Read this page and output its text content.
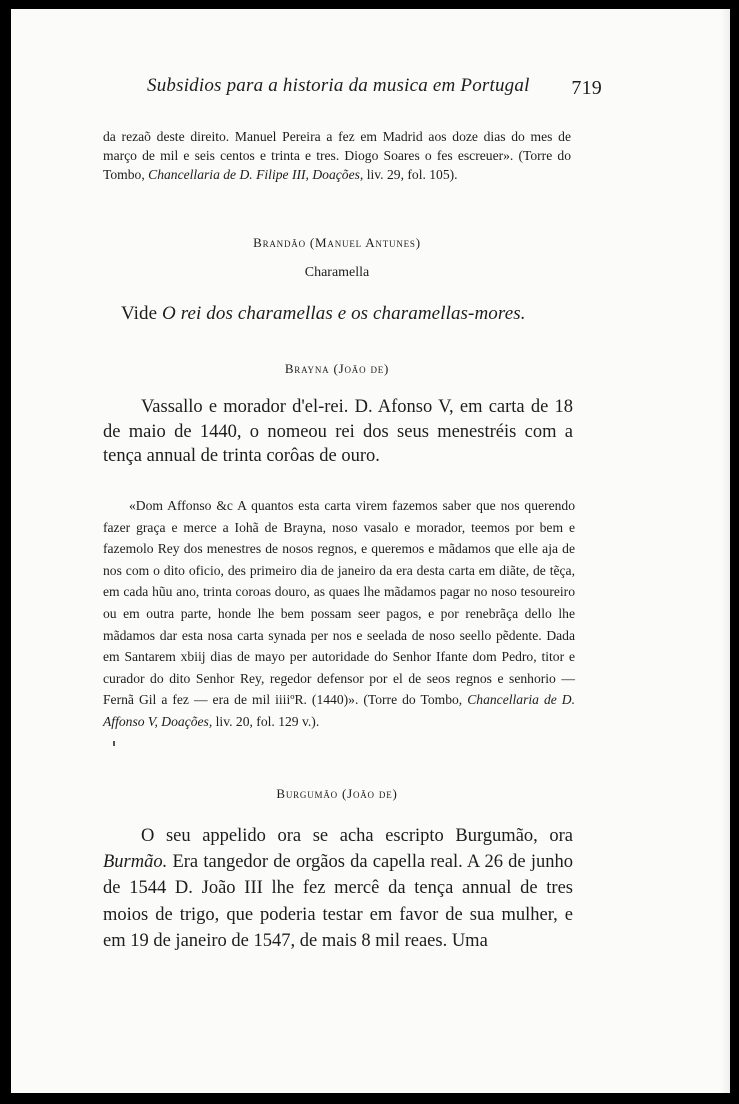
Subsidios para a historia da musica em Portugal 719
da rezaõ deste direito. Manuel Pereira a fez em Madrid aos doze dias do mes de março de mil e seis centos e trinta e tres. Diogo Soares o fes escreuer». (Torre do Tombo, Chancellaria de D. Filipe III, Doações, liv. 29, fol. 105).
Brandão (Manuel Antunes)
Charamella
Vide O rei dos charamellas e os charamellas-mores.
Brayna (João de)
Vassallo e morador d'el-rei. D. Afonso V, em carta de 18 de maio de 1440, o nomeou rei dos seus menestréis com a tença annual de trinta corôas de ouro.
«Dom Affonso &c A quantos esta carta virem fazemos saber que nos querendo fazer graça e merce a Iohã de Brayna, noso vasalo e morador, teemos por bem e fazemolo Rey dos menestres de nosos regnos, e queremos e mãdamos que elle aja de nos com o dito oficio, des primeiro dia de janeiro da era desta carta em diãte, de tẽça, em cada hũu ano, trinta coroas douro, as quaes lhe mãdamos pagar no noso tesoureiro ou em outra parte, honde lhe bem possam seer pagos, e por renebrãça dello lhe mãdamos dar esta nosa carta synada per nos e seelada de noso seello pẽdente. Dada em Santarem xbiij dias de mayo per autoridade do Senhor Ifante dom Pedro, titor e curador do dito Senhor Rey, regedor defensor por el de seos regnos e senhorio — Fernã Gil a fez — era de mil iiiiºR. (1440)». (Torre do Tombo, Chancellaria de D. Affonso V, Doações, liv. 20, fol. 129 v.).
Burgumão (João de)
O seu appelido ora se acha escripto Burgumão, ora Burmão. Era tangedor de orgãos da capella real. A 26 de junho de 1544 D. João III lhe fez mercê da tença annual de tres moios de trigo, que poderia testar em favor de sua mulher, e em 19 de janeiro de 1547, de mais 8 mil reaes. Uma
